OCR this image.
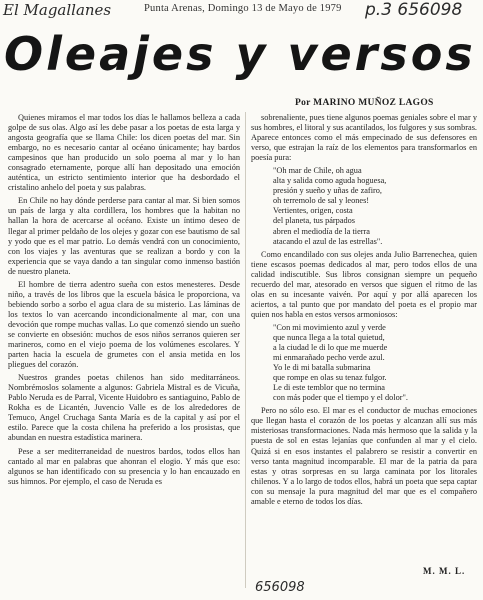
El Magallanes	Punta Arenas, Domingo 13 de Mayo de 1979 p.3 656098
Oleajes y versos
Por MARINO MUÑOZ LAGOS

Quienes miramos el mar todos los días le hallamos belleza a cada golpe de sus olas. Algo así les debe pasar a los poetas de esta larga y angosta geografía que se llama Chile: los dicen poetas del mar. Sin embargo, no es necesario cantar al océano únicamente; hay bardos campesinos que han producido un solo poema al mar y lo han consagrado eternamente, porque allí han depositado una emoción auténtica, un estricto sentimiento interior que ha desbordado el cristalino anhelo del poeta y sus palabras.

En Chile no hay dónde perderse para cantar al mar. Si bien somos un país de larga y alta cordillera, los hombres que la habitan no hallan la hora de acercarse al océano. Existe un íntimo deseo de llegar al primer peldaño de los olejes y gozar con ese bautismo de sal y yodo que es el mar patrio. Lo demás vendrá con un conocimiento, con los viajes y las aventuras que se realizan a bordo y con la experiencia que se vaya dando a tan singular como inmenso bastión de nuestro planeta.

El hombre de tierra adentro sueña con estos menesteres. Desde niño, a través de los libros que la escuela básica le proporciona, va bebiendo sorbo a sorbo el agua clara de su misterio. Las láminas de los textos lo van acercando incondicionalmente al mar, con una devoción que rompe muchas vallas. Lo que comenzó siendo un sueño se convierte en obsesión: muchos de esos niños serranos quieren ser marineros, como en el viejo poema de los volúmenes escolares. Y parten hacia la escuela de grumetes con el ansia metida en los pliegues del corazón.

Nuestros grandes poetas chilenos han sido meditarráneos. Nombrémoslos solamente a algunos: Gabriela Mistral es de Vicuña, Pablo Neruda es de Parral, Vicente Huidobro es santiaguino, Pablo de Rokha es de Licantén, Juvencio Valle es de los alrededores de Temuco, Angel Cruchaga Santa María es de la capital y así por el estilo. Parece que la costa chilena ha preferido a los prosistas, que abundan en nuestra estadística marinera.

Pese a ser mediterraneidad de nuestros bardos, todos ellos han cantado al mar en palabras que ahonran el elogio. Y más que eso: algunos se han identificado con su presencia y lo han encauzado en sus himnos. Por ejemplo, el caso de Neruda es

sobrenaliente, pues tiene algunos poemas geniales sobre el mar y sus hombres, el litoral y sus acantilados, los fulgores y sus sombras. Aparece entonces como el más empecinado de sus defensores en verso, que estrajan la raíz de los elementos para transformarlos en poesía pura:

"Oh mar de Chile, oh agua
alta y salida como aguda hoguesa,
presión y sueño y uñas de zafiro,
oh terremolo de sal y leones!
Vertientes, origen, costa
del planeta, tus párpados
abren el mediodía de la tierra
atacando el azul de las estrellas".

Como encandilado con sus olejes anda Julio Barrenechea, quien tiene escasos poemas dedicados al mar, pero todos ellos de una calidad indiscutible. Sus libros consignan siempre un pequeño recuerdo del mar, atesorado en versos que siguen el ritmo de las olas en su incesante vaivén. Por aquí y por allá aparecen los aciertos, a tal punto que por mandato del poeta es el propio mar quien nos habla en estos versos armoniosos:

"Con mi movimiento azul y verde
que nunca llega a la total quietud,
a la ciudad le di lo que me muerde
mi enmarañado pecho verde azul.
Yo le di mi batalla submarina
que rompe en olas su tenaz fulgor.
Le di este temblor que no termina
con más poder que el tiempo y el dolor".

Pero no sólo eso. El mar es el conductor de muchas emociones que llegan hasta el corazón de los poetas y alcanzan allí sus más misteriosas transformaciones. Nada más hermoso que la salida y la puesta de sol en estas lejanías que confunden al mar y el cielo. Quizá si en esos instantes el palabrero se resistir a convertir en verso tanta magnitud incomparable. El mar de la patria da para estas y otras sorpresas en su larga caminata por los litorales chilenos. Y a lo largo de todos ellos, habrá un poeta que sepa captar con su mensaje la pura magnitud del mar que es el compañero amable e eterno de todos los días.

M. M. L.
656098
